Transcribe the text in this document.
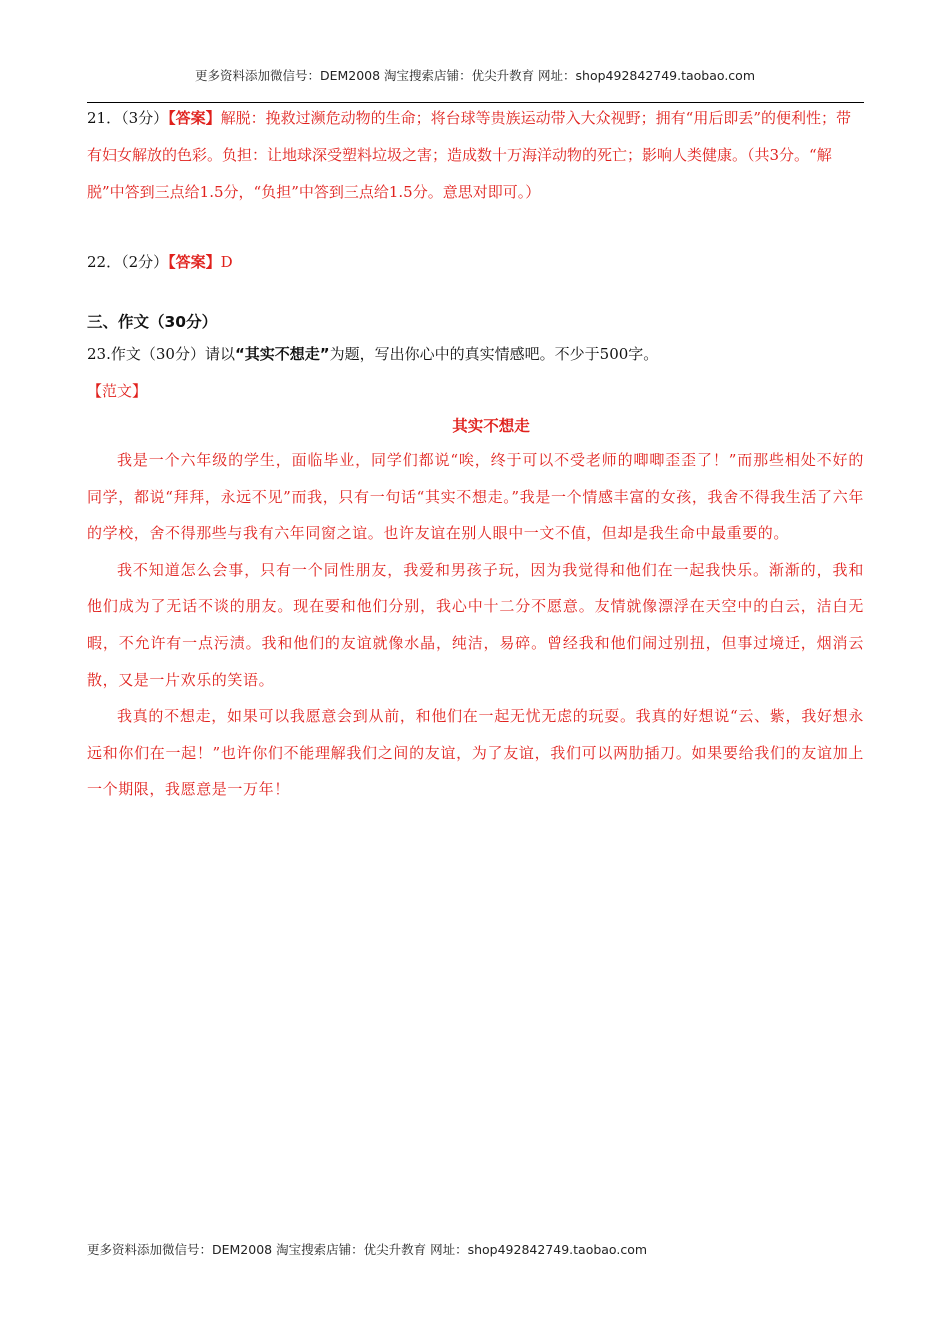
更多资料添加微信号：DEM2008 淘宝搜索店铺：优尖升教育 网址：shop492842749.taobao.com
21．（3分）【答案】解脱：挽救过濒危动物的生命；将台球等贵族运动带入大众视野；拥有“用后即丢”的便利性；带有妇女解放的色彩。负担：让地球深受塑料垃圾之害；造成数十万海洋动物的死亡；影响人类健康。（共3分。“解脱”中答到三点给1.5分，“负担”中答到三点给1.5分。意思对即可。）
22．（2分）【答案】D
三、作文（30分）
23.作文（30分）请以“其实不想走”为题，写出你心中的真实情感吧。不少于500字。
【范文】
其实不想走

我是一个六年级的学生，面临毕业，同学们都说“唉，终于可以不受老师的唧唧歪歪了！”而那些相处不好的同学，都说“拜拜，永远不见”而我，只有一句话“其实不想走。”我是一个情感丰富的女孩，我舍不得我生活了六年的学校，舍不得那些与我有六年同窗之谊。也许友谊在别人眼中一文不值，但却是我生命中最重要的。

我不知道怎么会事，只有一个同性朋友，我爱和男孩子玩，因为我觉得和他们在一起我快乐。渐渐的，我和他们成为了无话不谈的朋友。现在要和他们分别，我心中十二分不愿意。友情就像漂浮在天空中的白云，洁白无暇，不允许有一点污渍。我和他们的友谊就像水晶，纯洁，易碎。曾经我和他们闹过别扭，但事过境迁，烟消云散，又是一片欢乐的笑语。

我真的不想走，如果可以我愿意会到从前，和他们在一起无忧无虑的玩耍。我真的好想说“云、紫，我好想永远和你们在一起！”也许你们不能理解我们之间的友谊，为了友谊，我们可以两肋插刀。如果要给我们的友谊加上一个期限，我愿意是一万年！

更多资料添加微信号：DEM2008 淘宝搜索店铺：优尖升教育 网址：shop492842749.taobao.com
